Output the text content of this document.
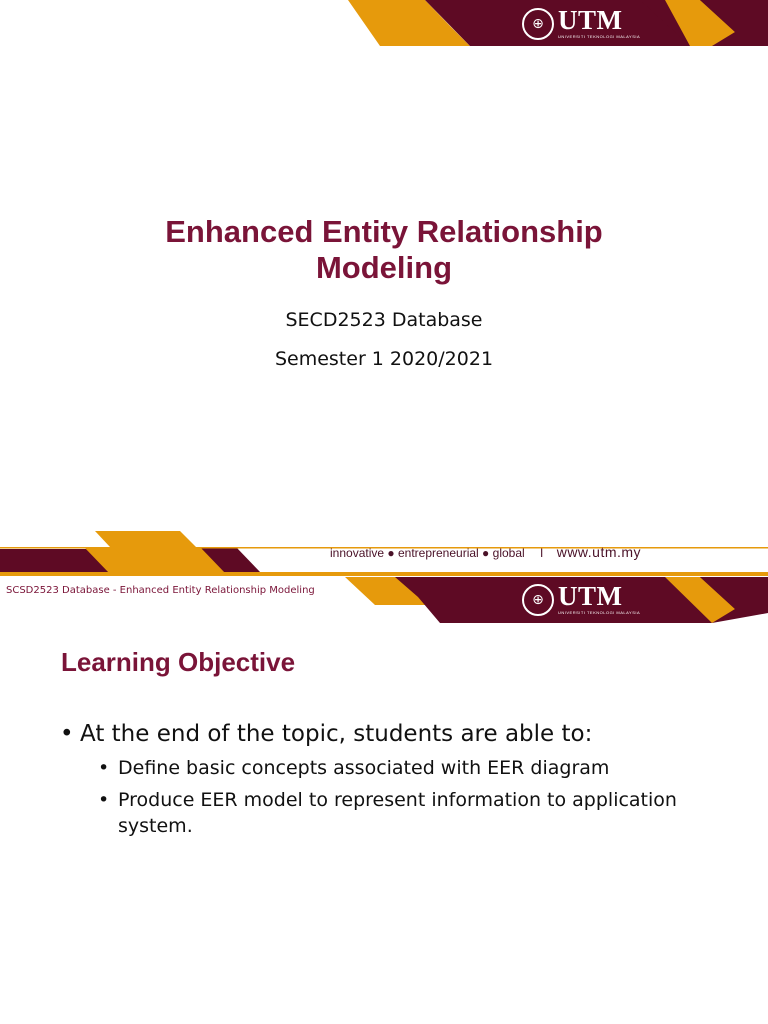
⊕ UTM
UNIVERSITI TEKNOLOGI MALAYSIA
Enhanced Entity Relationship
Modeling
SECD2523 Database
Semester 1 2020/2021
innovative ● entrepreneurial ● global I www.utm.my
SCSD2523 Database - Enhanced Entity Relationship Modeling
⊕ UTM
UNIVERSITI TEKNOLOGI MALAYSIA
Learning Objective
• At the end of the topic, students are able to:
• Define basic concepts associated with EER diagram
• Produce EER model to represent information to application system.
